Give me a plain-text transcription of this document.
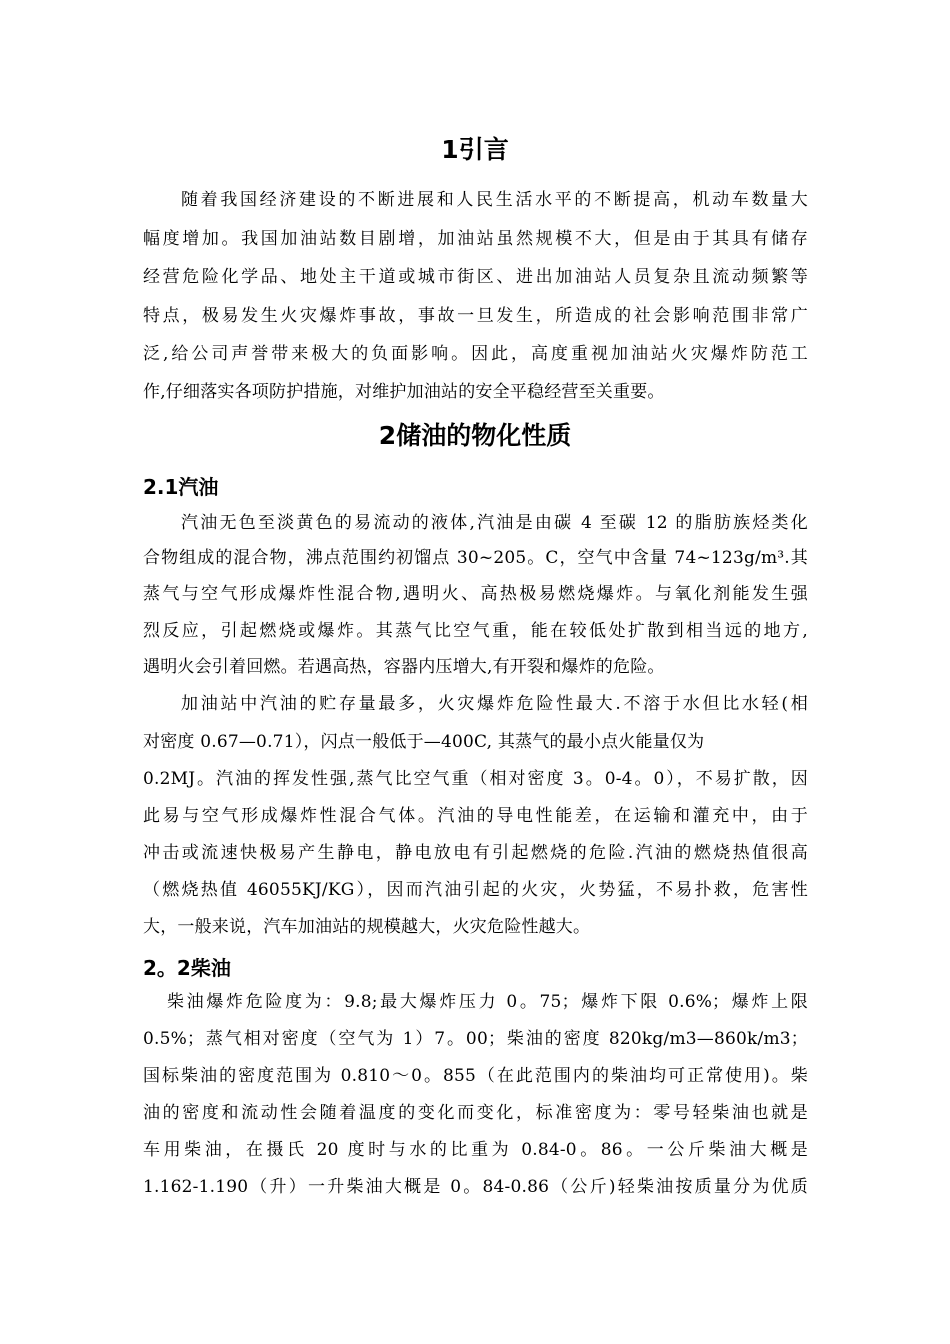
1引言
随着我国经济建设的不断进展和人民生活水平的不断提高，机动车数量大
幅度增加。我国加油站数目剧增，加油站虽然规模不大，但是由于其具有储存
经营危险化学品、地处主干道或城市街区、进出加油站人员复杂且流动频繁等
特点，极易发生火灾爆炸事故，事故一旦发生，所造成的社会影响范围非常广
泛,给公司声誉带来极大的负面影响。因此，高度重视加油站火灾爆炸防范工
作,仔细落实各项防护措施，对维护加油站的安全平稳经营至关重要。
2储油的物化性质
2.1汽油
汽油无色至淡黄色的易流动的液体,汽油是由碳 4 至碳 12 的脂肪族烃类化
合物组成的混合物，沸点范围约初馏点 30~205。C，空气中含量 74~123g/m³.其
蒸气与空气形成爆炸性混合物,遇明火、高热极易燃烧爆炸。与氧化剂能发生强
烈反应，引起燃烧或爆炸。其蒸气比空气重，能在较低处扩散到相当远的地方,
遇明火会引着回燃。若遇高热，容器内压增大,有开裂和爆炸的危险。
加油站中汽油的贮存量最多，火灾爆炸危险性最大.不溶于水但比水轻(相
对密度 0.67—0.71），闪点一般低于—400C, 其蒸气的最小点火能量仅为
0.2MJ。汽油的挥发性强,蒸气比空气重（相对密度 3。0-4。0），不易扩散，因
此易与空气形成爆炸性混合气体。汽油的导电性能差，在运输和灌充中，由于
冲击或流速快极易产生静电，静电放电有引起燃烧的危险.汽油的燃烧热值很高
（燃烧热值 46055KJ/KG），因而汽油引起的火灾，火势猛，不易扑救，危害性
大，一般来说，汽车加油站的规模越大，火灾危险性越大。
2。2柴油
柴油爆炸危险度为：9.8;最大爆炸压力 0。75；爆炸下限 0.6%；爆炸上限
0.5%；蒸气相对密度（空气为 1）7。00；柴油的密度 820kg/m3—860k/m3；
国标柴油的密度范围为 0.810～0。855（在此范围内的柴油均可正常使用)。柴
油的密度和流动性会随着温度的变化而变化，标准密度为：零号轻柴油也就是
车用柴油，在摄氏 20 度时与水的比重为 0.84-0。86。一公斤柴油大概是
1.162-1.190（升）一升柴油大概是 0。84-0.86（公斤)轻柴油按质量分为优质
